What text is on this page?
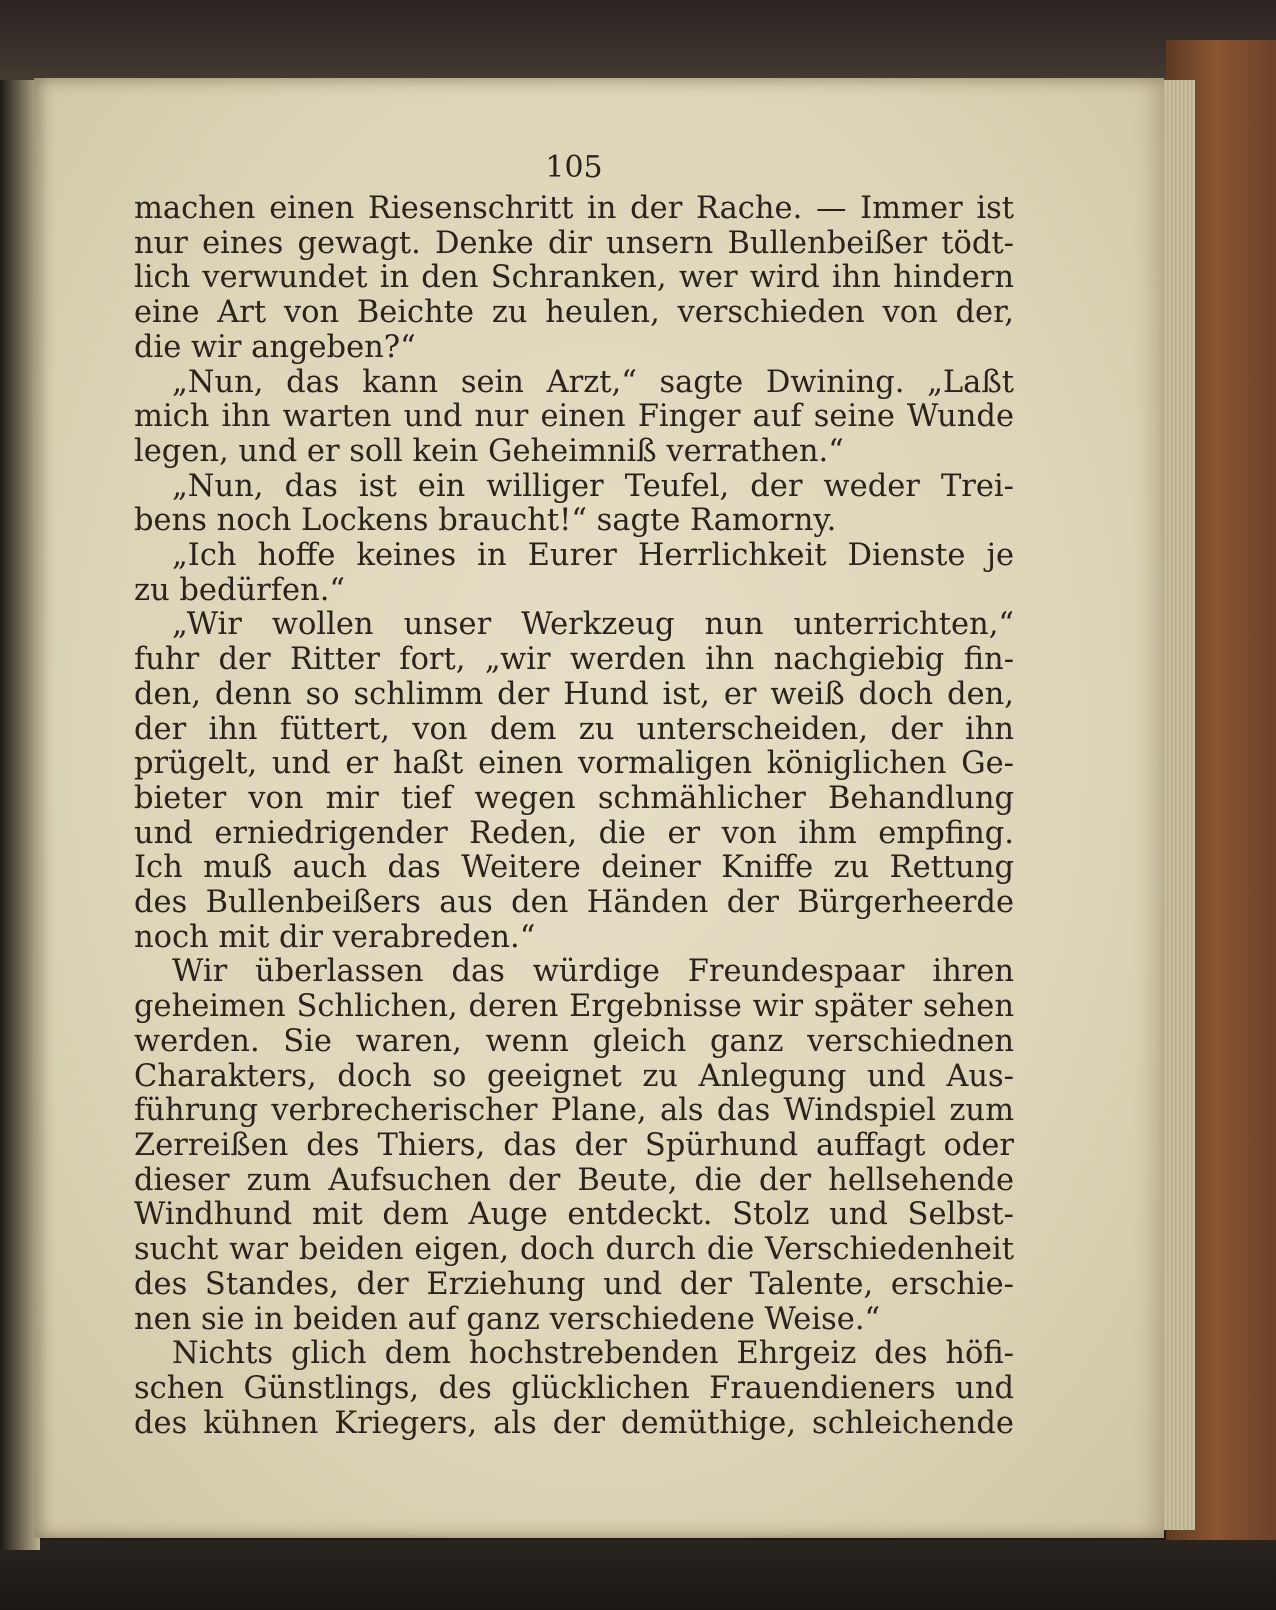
105
machen einen Riesenschritt in der Rache. — Immer ist
nur eines gewagt. Denke dir unsern Bullenbeißer tödt-
lich verwundet in den Schranken, wer wird ihn hindern
eine Art von Beichte zu heulen, verschieden von der,
die wir angeben?“
„Nun, das kann sein Arzt,“ sagte Dwining. „Laßt
mich ihn warten und nur einen Finger auf seine Wunde
legen, und er soll kein Geheimniß verrathen.“
„Nun, das ist ein williger Teufel, der weder Trei-
bens noch Lockens braucht!“ sagte Ramorny.
„Ich hoffe keines in Eurer Herrlichkeit Dienste je
zu bedürfen.“
„Wir wollen unser Werkzeug nun unterrichten,“
fuhr der Ritter fort, „wir werden ihn nachgiebig fin-
den, denn so schlimm der Hund ist, er weiß doch den,
der ihn füttert, von dem zu unterscheiden, der ihn
prügelt, und er haßt einen vormaligen königlichen Ge-
bieter von mir tief wegen schmählicher Behandlung
und erniedrigender Reden, die er von ihm empfing.
Ich muß auch das Weitere deiner Kniffe zu Rettung
des Bullenbeißers aus den Händen der Bürgerheerde
noch mit dir verabreden.“
Wir überlassen das würdige Freundespaar ihren
geheimen Schlichen, deren Ergebnisse wir später sehen
werden. Sie waren, wenn gleich ganz verschiednen
Charakters, doch so geeignet zu Anlegung und Aus-
führung verbrecherischer Plane, als das Windspiel zum
Zerreißen des Thiers, das der Spürhund auffagt oder
dieser zum Aufsuchen der Beute, die der hellsehende
Windhund mit dem Auge entdeckt. Stolz und Selbst-
sucht war beiden eigen, doch durch die Verschiedenheit
des Standes, der Erziehung und der Talente, erschie-
nen sie in beiden auf ganz verschiedene Weise.“
Nichts glich dem hochstrebenden Ehrgeiz des höfi-
schen Günstlings, des glücklichen Frauendieners und
des kühnen Kriegers, als der demüthige, schleichende
